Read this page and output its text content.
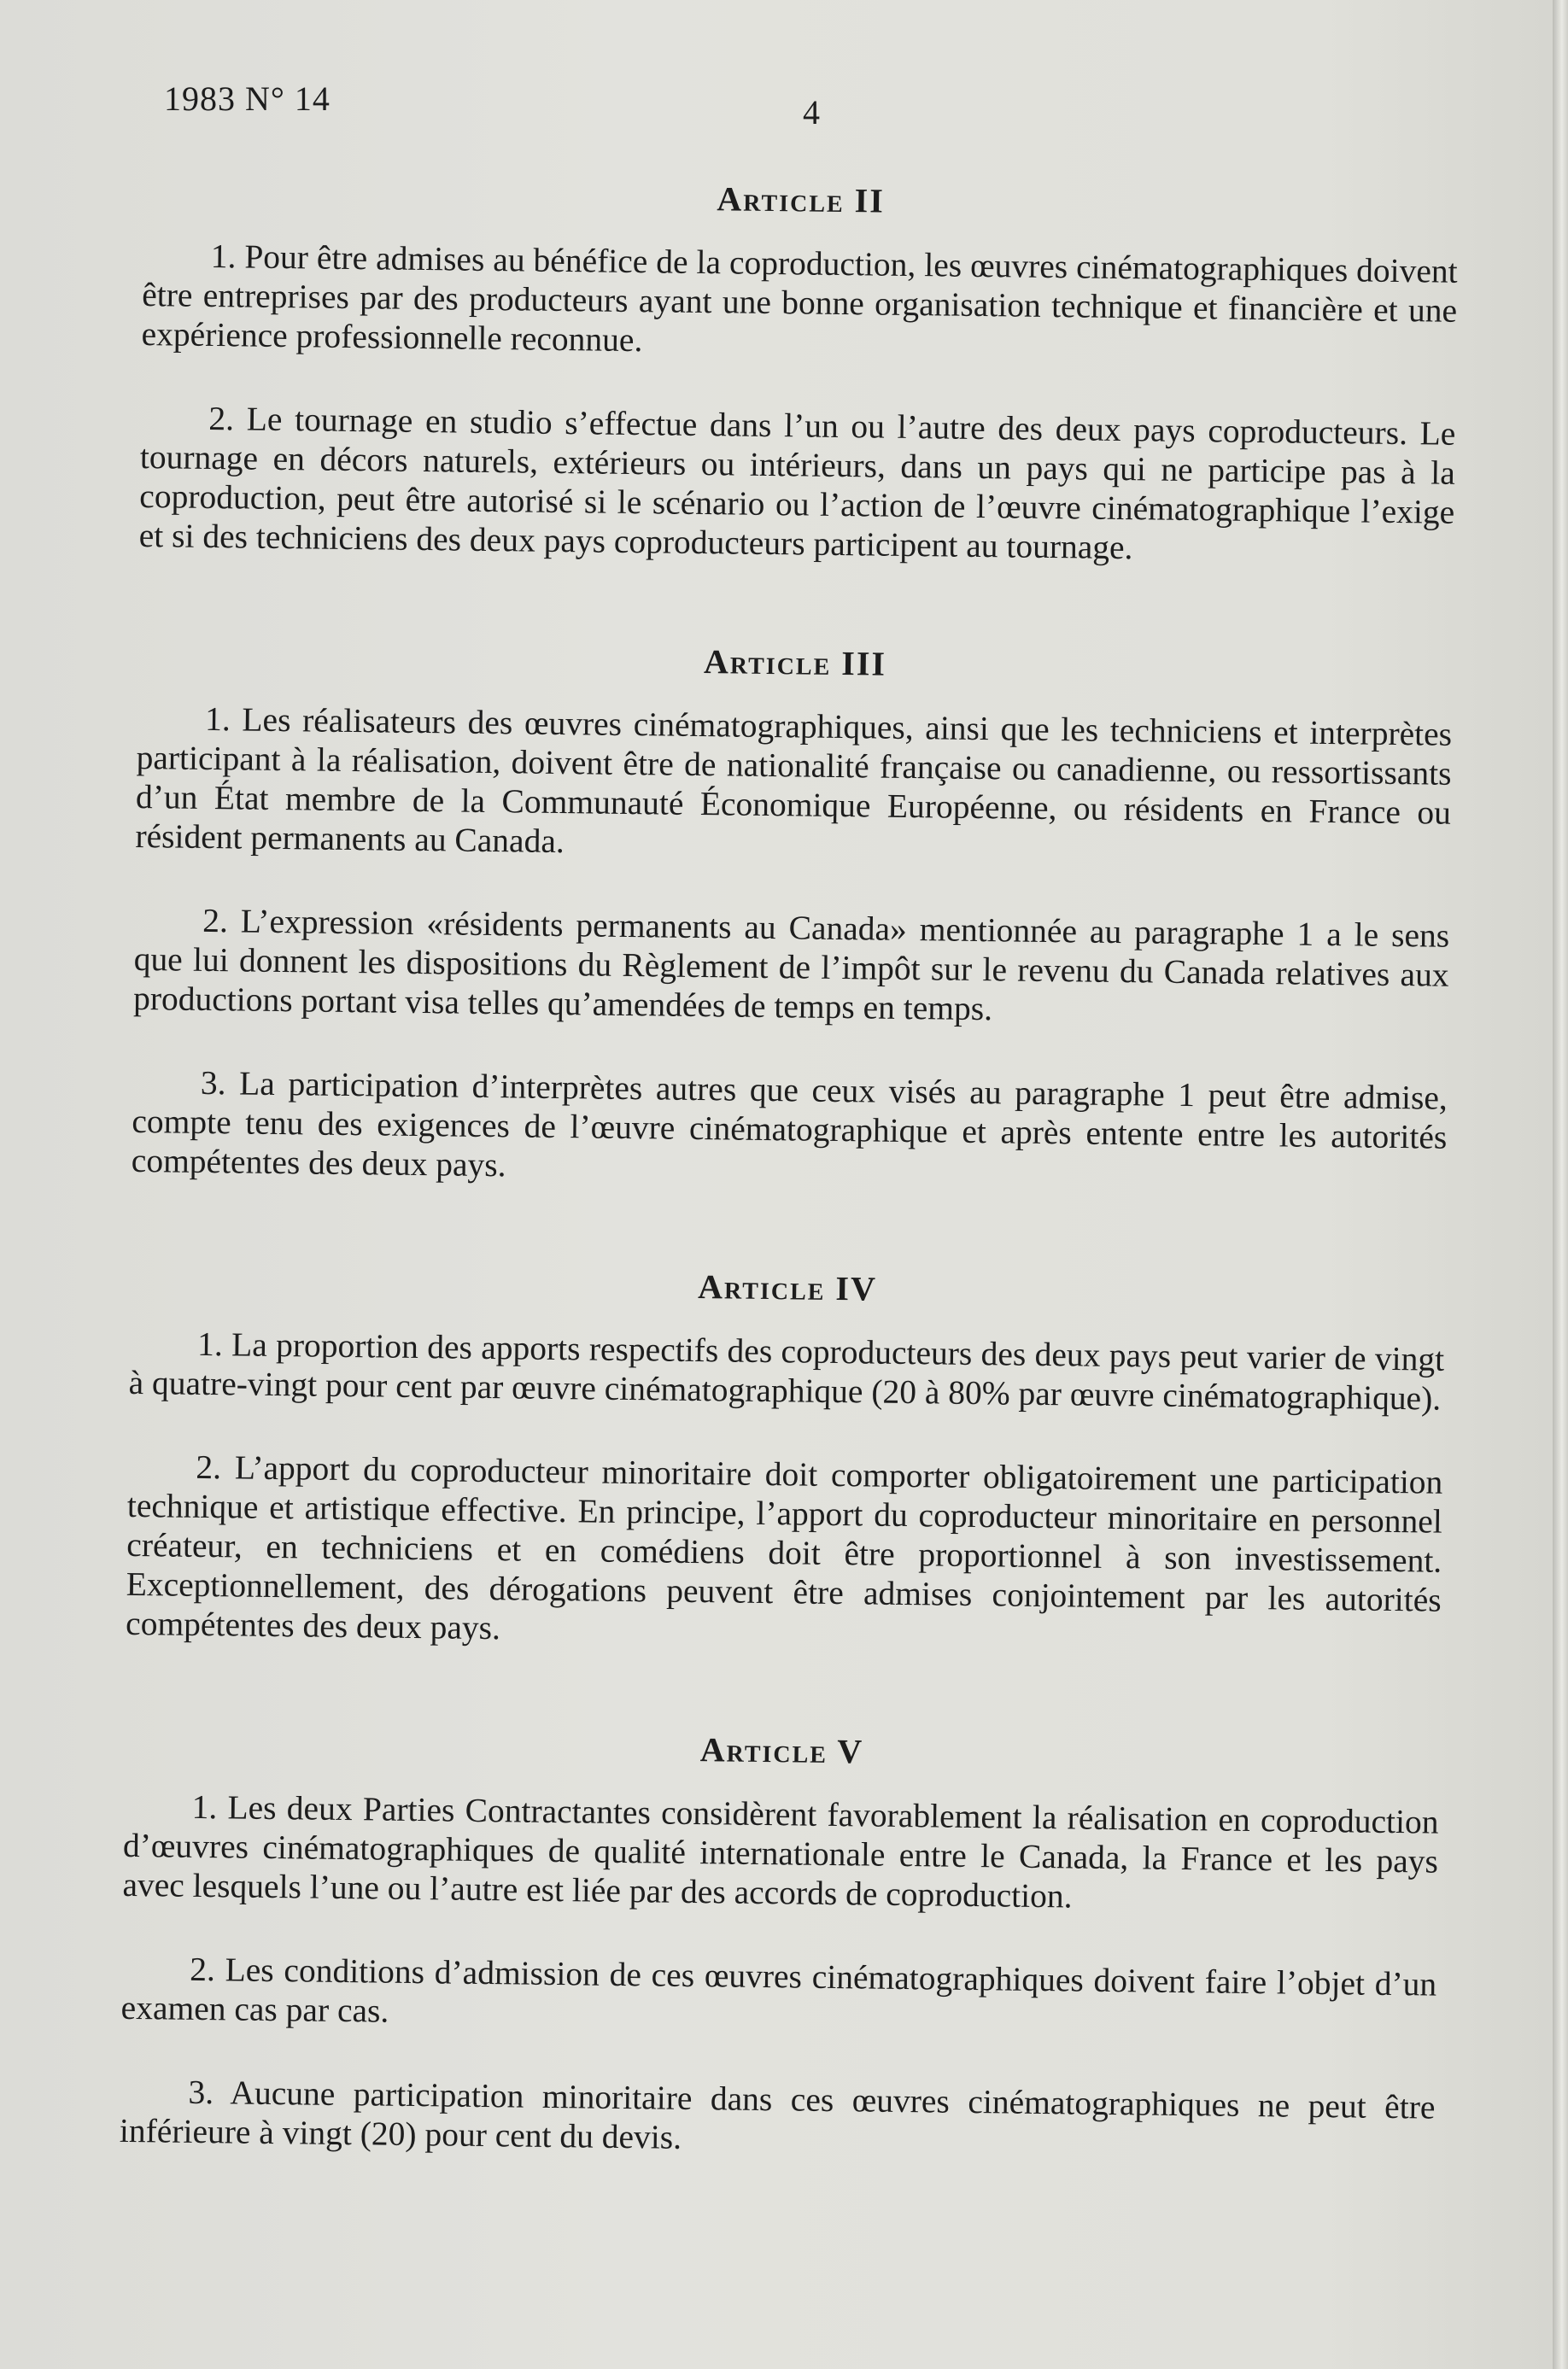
1983 N° 14	4
Article II

1. Pour être admises au bénéfice de la coproduction, les œuvres cinématographiques doivent être entreprises par des producteurs ayant une bonne organisation technique et financière et une expérience professionnelle reconnue.

2. Le tournage en studio s’effectue dans l’un ou l’autre des deux pays coproducteurs. Le tournage en décors naturels, extérieurs ou intérieurs, dans un pays qui ne participe pas à la coproduction, peut être autorisé si le scénario ou l’action de l’œuvre cinématographique l’exige et si des techniciens des deux pays coproducteurs participent au tournage.

Article III

1. Les réalisateurs des œuvres cinématographiques, ainsi que les techniciens et interprètes participant à la réalisation, doivent être de nationalité française ou canadienne, ou ressortissants d’un État membre de la Communauté Économique Européenne, ou résidents en France ou résident permanents au Canada.

2. L’expression «résidents permanents au Canada» mentionnée au paragraphe 1 a le sens que lui donnent les dispositions du Règlement de l’impôt sur le revenu du Canada relatives aux productions portant visa telles qu’amendées de temps en temps.

3. La participation d’interprètes autres que ceux visés au paragraphe 1 peut être admise, compte tenu des exigences de l’œuvre cinématographique et après entente entre les autorités compétentes des deux pays.

Article IV

1. La proportion des apports respectifs des coproducteurs des deux pays peut varier de vingt à quatre-vingt pour cent par œuvre cinématographique (20 à 80% par œuvre cinématographique).

2. L’apport du coproducteur minoritaire doit comporter obligatoirement une participation technique et artistique effective. En principe, l’apport du coproducteur minoritaire en personnel créateur, en techniciens et en comédiens doit être proportionnel à son investissement. Exceptionnellement, des dérogations peuvent être admises conjointement par les autorités compétentes des deux pays.

Article V

1. Les deux Parties Contractantes considèrent favorablement la réalisation en coproduction d’œuvres cinématographiques de qualité internationale entre le Canada, la France et les pays avec lesquels l’une ou l’autre est liée par des accords de coproduction.

2. Les conditions d’admission de ces œuvres cinématographiques doivent faire l’objet d’un examen cas par cas.

3. Aucune participation minoritaire dans ces œuvres cinématographiques ne peut être inférieure à vingt (20) pour cent du devis.
